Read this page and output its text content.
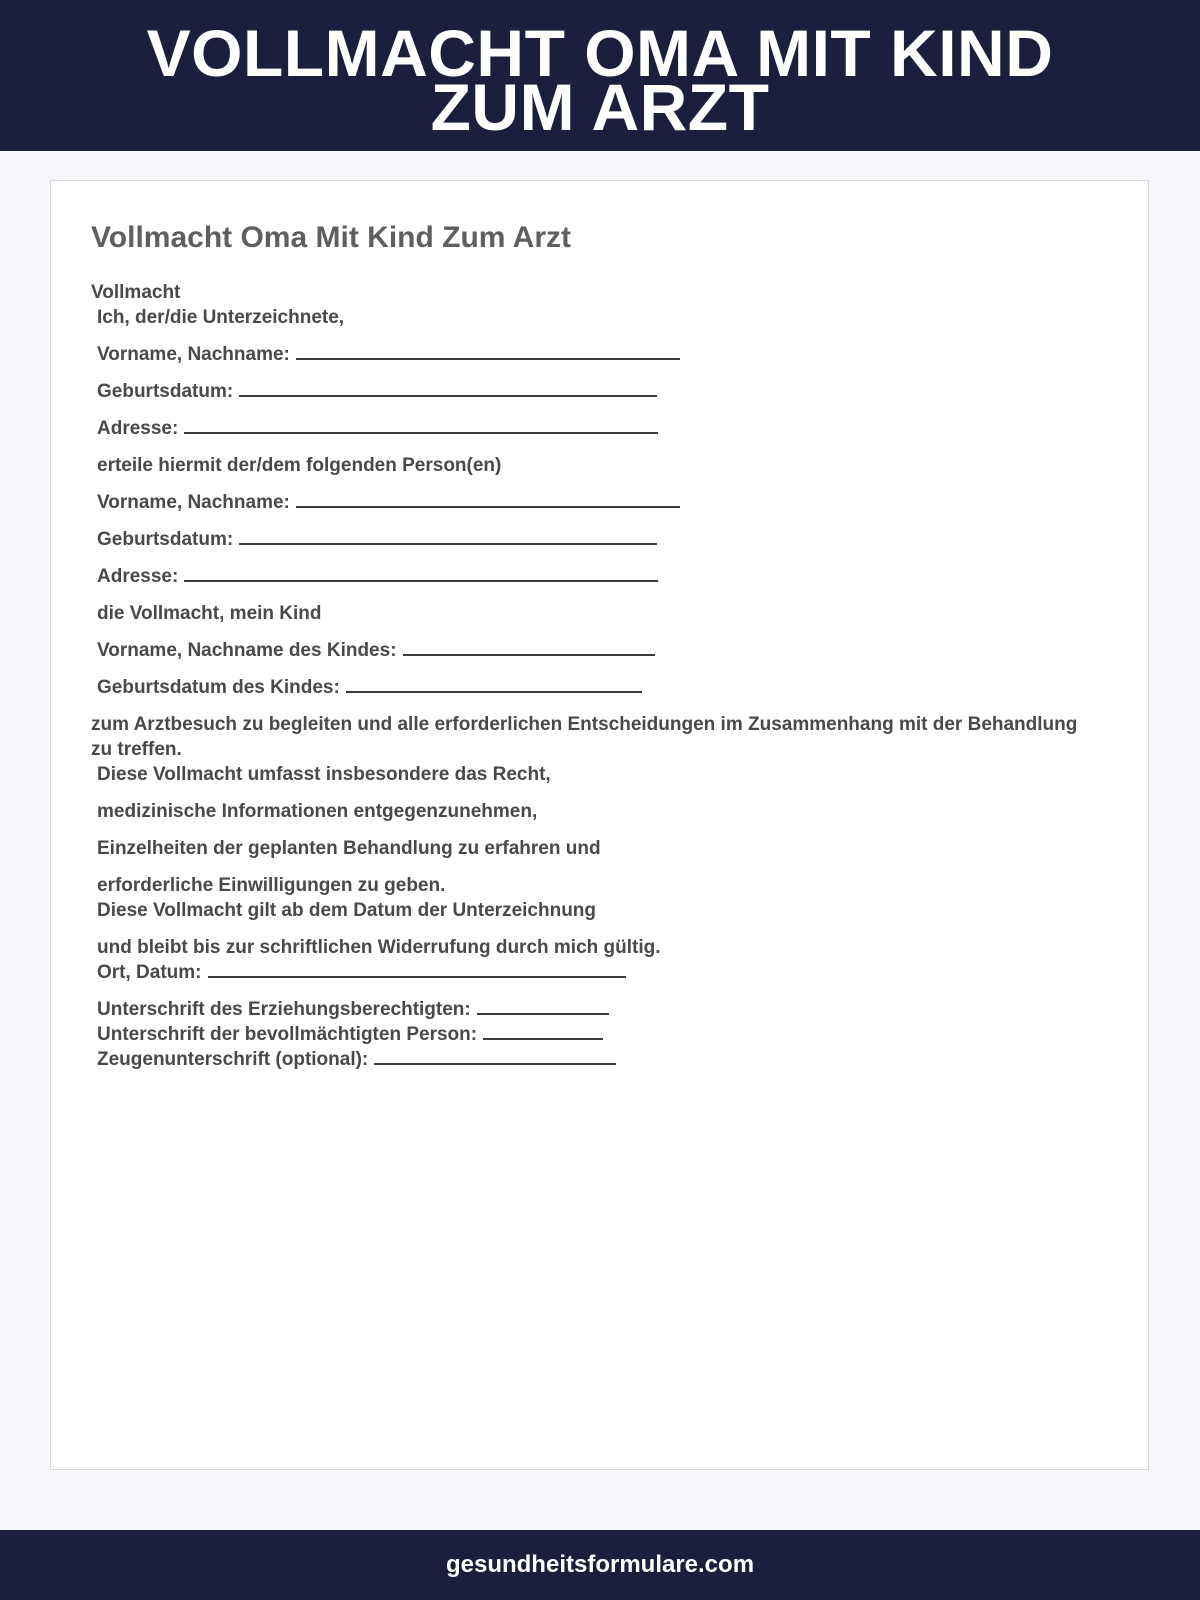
VOLLMACHT OMA MIT KIND
ZUM ARZT
Vollmacht Oma Mit Kind Zum Arzt
Vollmacht
Ich, der/die Unterzeichnete,
Vorname, Nachname:
Geburtsdatum:
Adresse:
erteile hiermit der/dem folgenden Person(en)
Vorname, Nachname:
Geburtsdatum:
Adresse:
die Vollmacht, mein Kind
Vorname, Nachname des Kindes:
Geburtsdatum des Kindes:
zum Arztbesuch zu begleiten und alle erforderlichen Entscheidungen im Zusammenhang mit der Behandlung zu treffen.
Diese Vollmacht umfasst insbesondere das Recht,
medizinische Informationen entgegenzunehmen,
Einzelheiten der geplanten Behandlung zu erfahren und
erforderliche Einwilligungen zu geben.
Diese Vollmacht gilt ab dem Datum der Unterzeichnung
und bleibt bis zur schriftlichen Widerrufung durch mich gültig.
Ort, Datum:
Unterschrift des Erziehungsberechtigten:
Unterschrift der bevollmächtigten Person:
Zeugenunterschrift (optional):
gesundheitsformulare.com
